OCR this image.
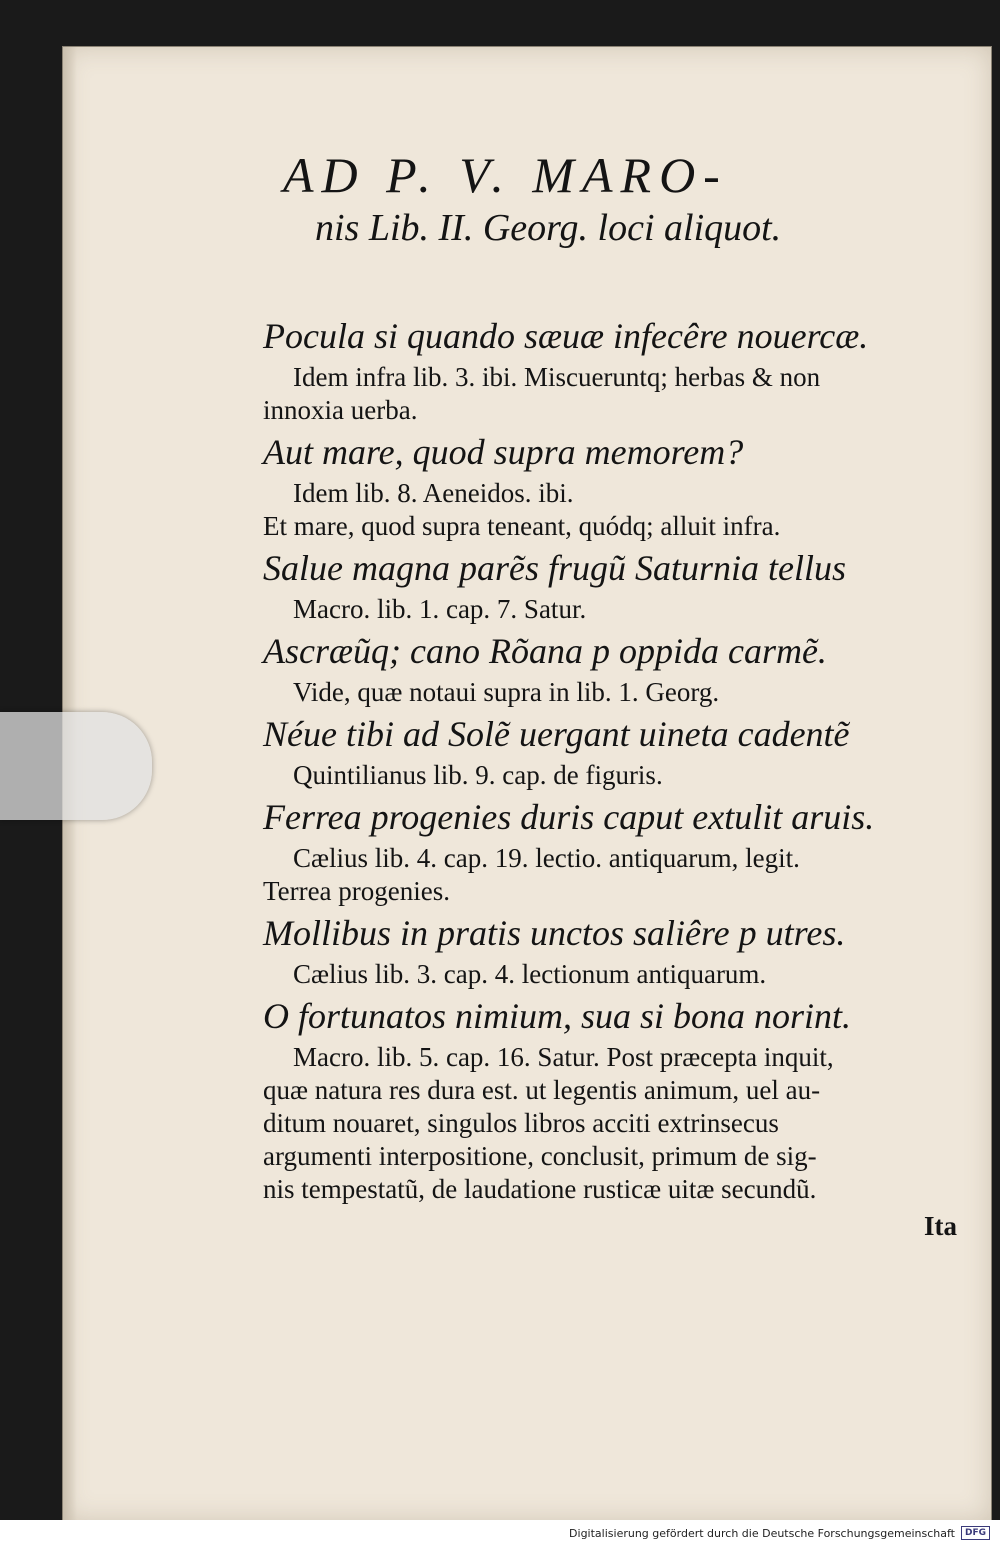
AD P. V. MARO-

nis Lib. II. Georg. loci aliquot.

Pocula si quando sæuæ infecêre nouercæ.

Idem infra lib. 3. ibi. Miscueruntq; herbas & non

innoxia uerba.

Aut mare, quod supra memorem?

Idem lib. 8. Aeneidos. ibi.

Et mare, quod supra teneant, quódq; alluit infra.

Salue magna parẽs frugũ Saturnia tellus

Macro. lib. 1. cap. 7. Satur.

Ascræũq; cano Rõana p oppida carmẽ.

Vide, quæ notaui supra in lib. 1. Georg.

Néue tibi ad Solẽ uergant uineta cadentẽ

Quintilianus lib. 9. cap. de figuris.

Ferrea progenies duris caput extulit aruis.

Cælius lib. 4. cap. 19. lectio. antiquarum, legit.

Terrea progenies.

Mollibus in pratis unctos saliêre p utres.

Cælius lib. 3. cap. 4. lectionum antiquarum.

O fortunatos nimium, sua si bona norint.

Macro. lib. 5. cap. 16. Satur. Post præcepta inquit,

quæ natura res dura est. ut legentis animum, uel au-

ditum nouaret, singulos libros acciti extrinsecus

argumenti interpositione, conclusit, primum de sig-

nis tempestatũ, de laudatione rusticæ uitæ secundũ.

Ita

Digitalisierung gefördert durch die Deutsche Forschungsgemeinschaft	DFG
